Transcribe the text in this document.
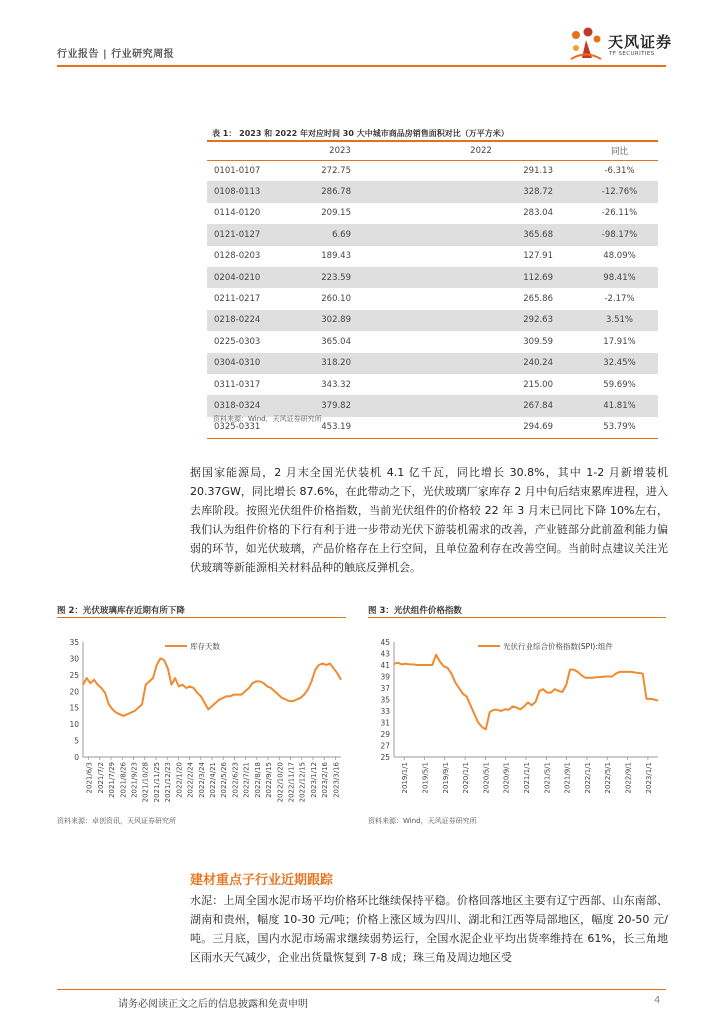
行业报告 | 行业研究周报
天风证券
TF SECURITIES
表 1： 2023 和 2022 年对应时间 30 大中城市商品房销售面积对比（万平方米）
	2023	2022	同比
0101-0107	272.75	291.13	-6.31%
0108-0113	286.78	328.72	-12.76%
0114-0120	209.15	283.04	-26.11%
0121-0127	6.69	365.68	-98.17%
0128-0203	189.43	127.91	48.09%
0204-0210	223.59	112.69	98.41%
0211-0217	260.10	265.86	-2.17%
0218-0224	302.89	292.63	3.51%
0225-0303	365.04	309.59	17.91%
0304-0310	318.20	240.24	32.45%
0311-0317	343.32	215.00	59.69%
0318-0324	379.82	267.84	41.81%
0325-0331	453.19	294.69	53.79%
资料来源：Wind，天风证券研究所
据国家能源局，2 月末全国光伏装机 4.1 亿千瓦，同比增长 30.8%，其中 1-2 月新增装机 20.37GW，同比增长 87.6%，在此带动之下，光伏玻璃厂家库存 2 月中旬后结束累库进程，进入去库阶段。按照光伏组件价格指数，当前光伏组件的价格较 22 年 3 月末已同比下降 10%左右，我们认为组件价格的下行有利于进一步带动光伏下游装机需求的改善，产业链部分此前盈利能力偏弱的环节，如光伏玻璃，产品价格存在上行空间，且单位盈利存在改善空间。当前时点建议关注光伏玻璃等新能源相关材料品种的触底反弹机会。
图 2：光伏玻璃库存近期有所下降
0
5
10
15
20
25
30
35
2021/6/3 2021/7/2 2021/7/29 2021/8/26 2021/9/23 2021/10/28 2021/11/25 2021/12/23 2022/1/20 2022/2/24 2022/3/24 2022/4/21 2022/5/26 2022/6/23 2022/7/21 2022/8/18 2022/9/15 2022/10/20 2022/11/17 2022/12/15 2023/1/12 2023/2/16 2023/3/16
库存天数
资料来源：卓创资讯，天风证券研究所
图 3：光伏组件价格指数
25
27
29
31
33
35
37
39
41
43
45
2019/1/1 2019/5/1 2019/9/1 2020/1/1 2020/5/1 2020/9/1 2021/1/1 2021/5/1 2021/9/1 2022/1/1 2022/5/1 2022/9/1 2023/1/1
光伏行业综合价格指数(SPI):组件
资料来源：Wind，天风证券研究所
建材重点子行业近期跟踪
水泥：上周全国水泥市场平均价格环比继续保持平稳。价格回落地区主要有辽宁西部、山东南部、湖南和贵州，幅度 10-30 元/吨；价格上涨区域为四川、湖北和江西等局部地区，幅度 20-50 元/吨。三月底，国内水泥市场需求继续弱势运行，全国水泥企业平均出货率维持在 61%，长三角地区雨水天气减少，企业出货量恢复到 7-8 成；珠三角及周边地区受
请务必阅读正文之后的信息披露和免责申明	4
